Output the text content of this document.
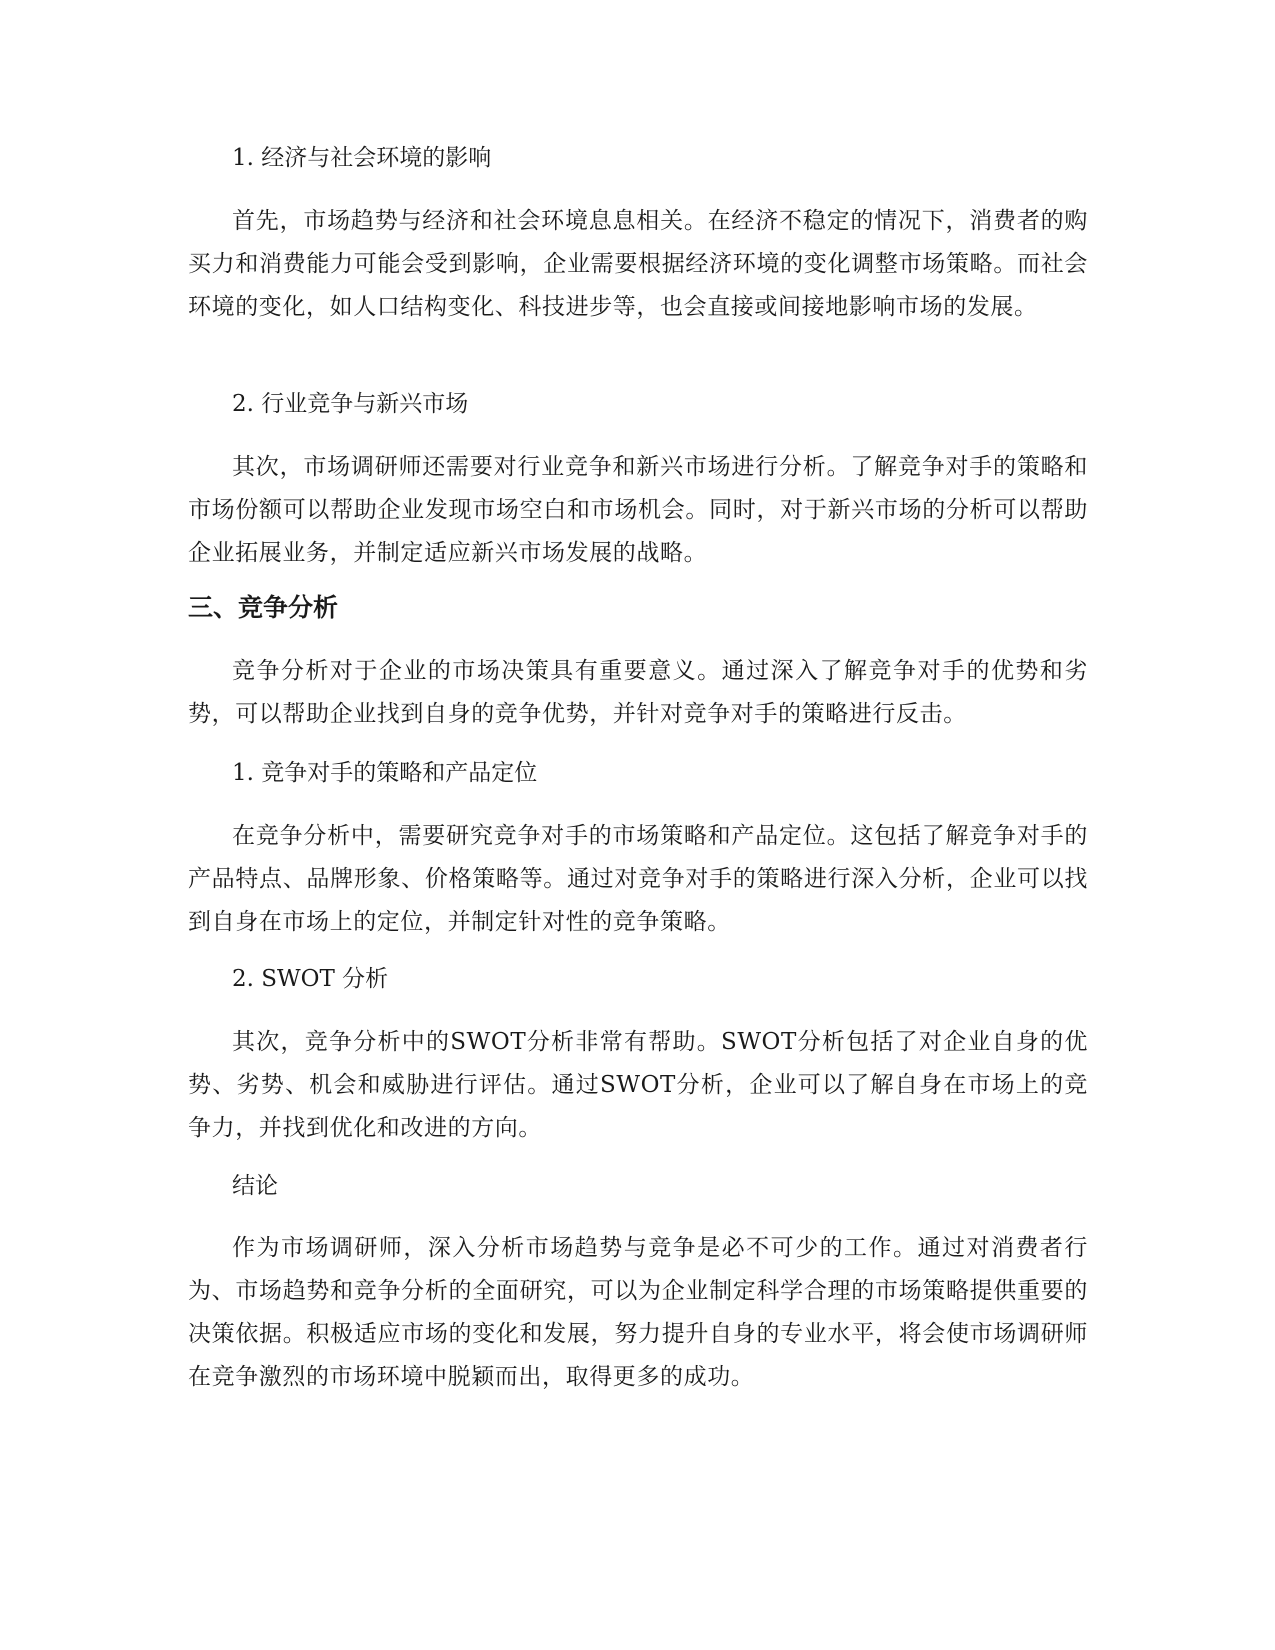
1. 经济与社会环境的影响

首先，市场趋势与经济和社会环境息息相关。在经济不稳定的情况下，消费者的购买力和消费能力可能会受到影响，企业需要根据经济环境的变化调整市场策略。而社会环境的变化，如人口结构变化、科技进步等，也会直接或间接地影响市场的发展。

2. 行业竞争与新兴市场

其次，市场调研师还需要对行业竞争和新兴市场进行分析。了解竞争对手的策略和市场份额可以帮助企业发现市场空白和市场机会。同时，对于新兴市场的分析可以帮助企业拓展业务，并制定适应新兴市场发展的战略。

三、竞争分析

竞争分析对于企业的市场决策具有重要意义。通过深入了解竞争对手的优势和劣势，可以帮助企业找到自身的竞争优势，并针对竞争对手的策略进行反击。

1. 竞争对手的策略和产品定位

在竞争分析中，需要研究竞争对手的市场策略和产品定位。这包括了解竞争对手的产品特点、品牌形象、价格策略等。通过对竞争对手的策略进行深入分析，企业可以找到自身在市场上的定位，并制定针对性的竞争策略。

2. SWOT 分析

其次，竞争分析中的SWOT分析非常有帮助。SWOT分析包括了对企业自身的优势、劣势、机会和威胁进行评估。通过SWOT分析，企业可以了解自身在市场上的竞争力，并找到优化和改进的方向。

结论

作为市场调研师，深入分析市场趋势与竞争是必不可少的工作。通过对消费者行为、市场趋势和竞争分析的全面研究，可以为企业制定科学合理的市场策略提供重要的决策依据。积极适应市场的变化和发展，努力提升自身的专业水平，将会使市场调研师在竞争激烈的市场环境中脱颖而出，取得更多的成功。
